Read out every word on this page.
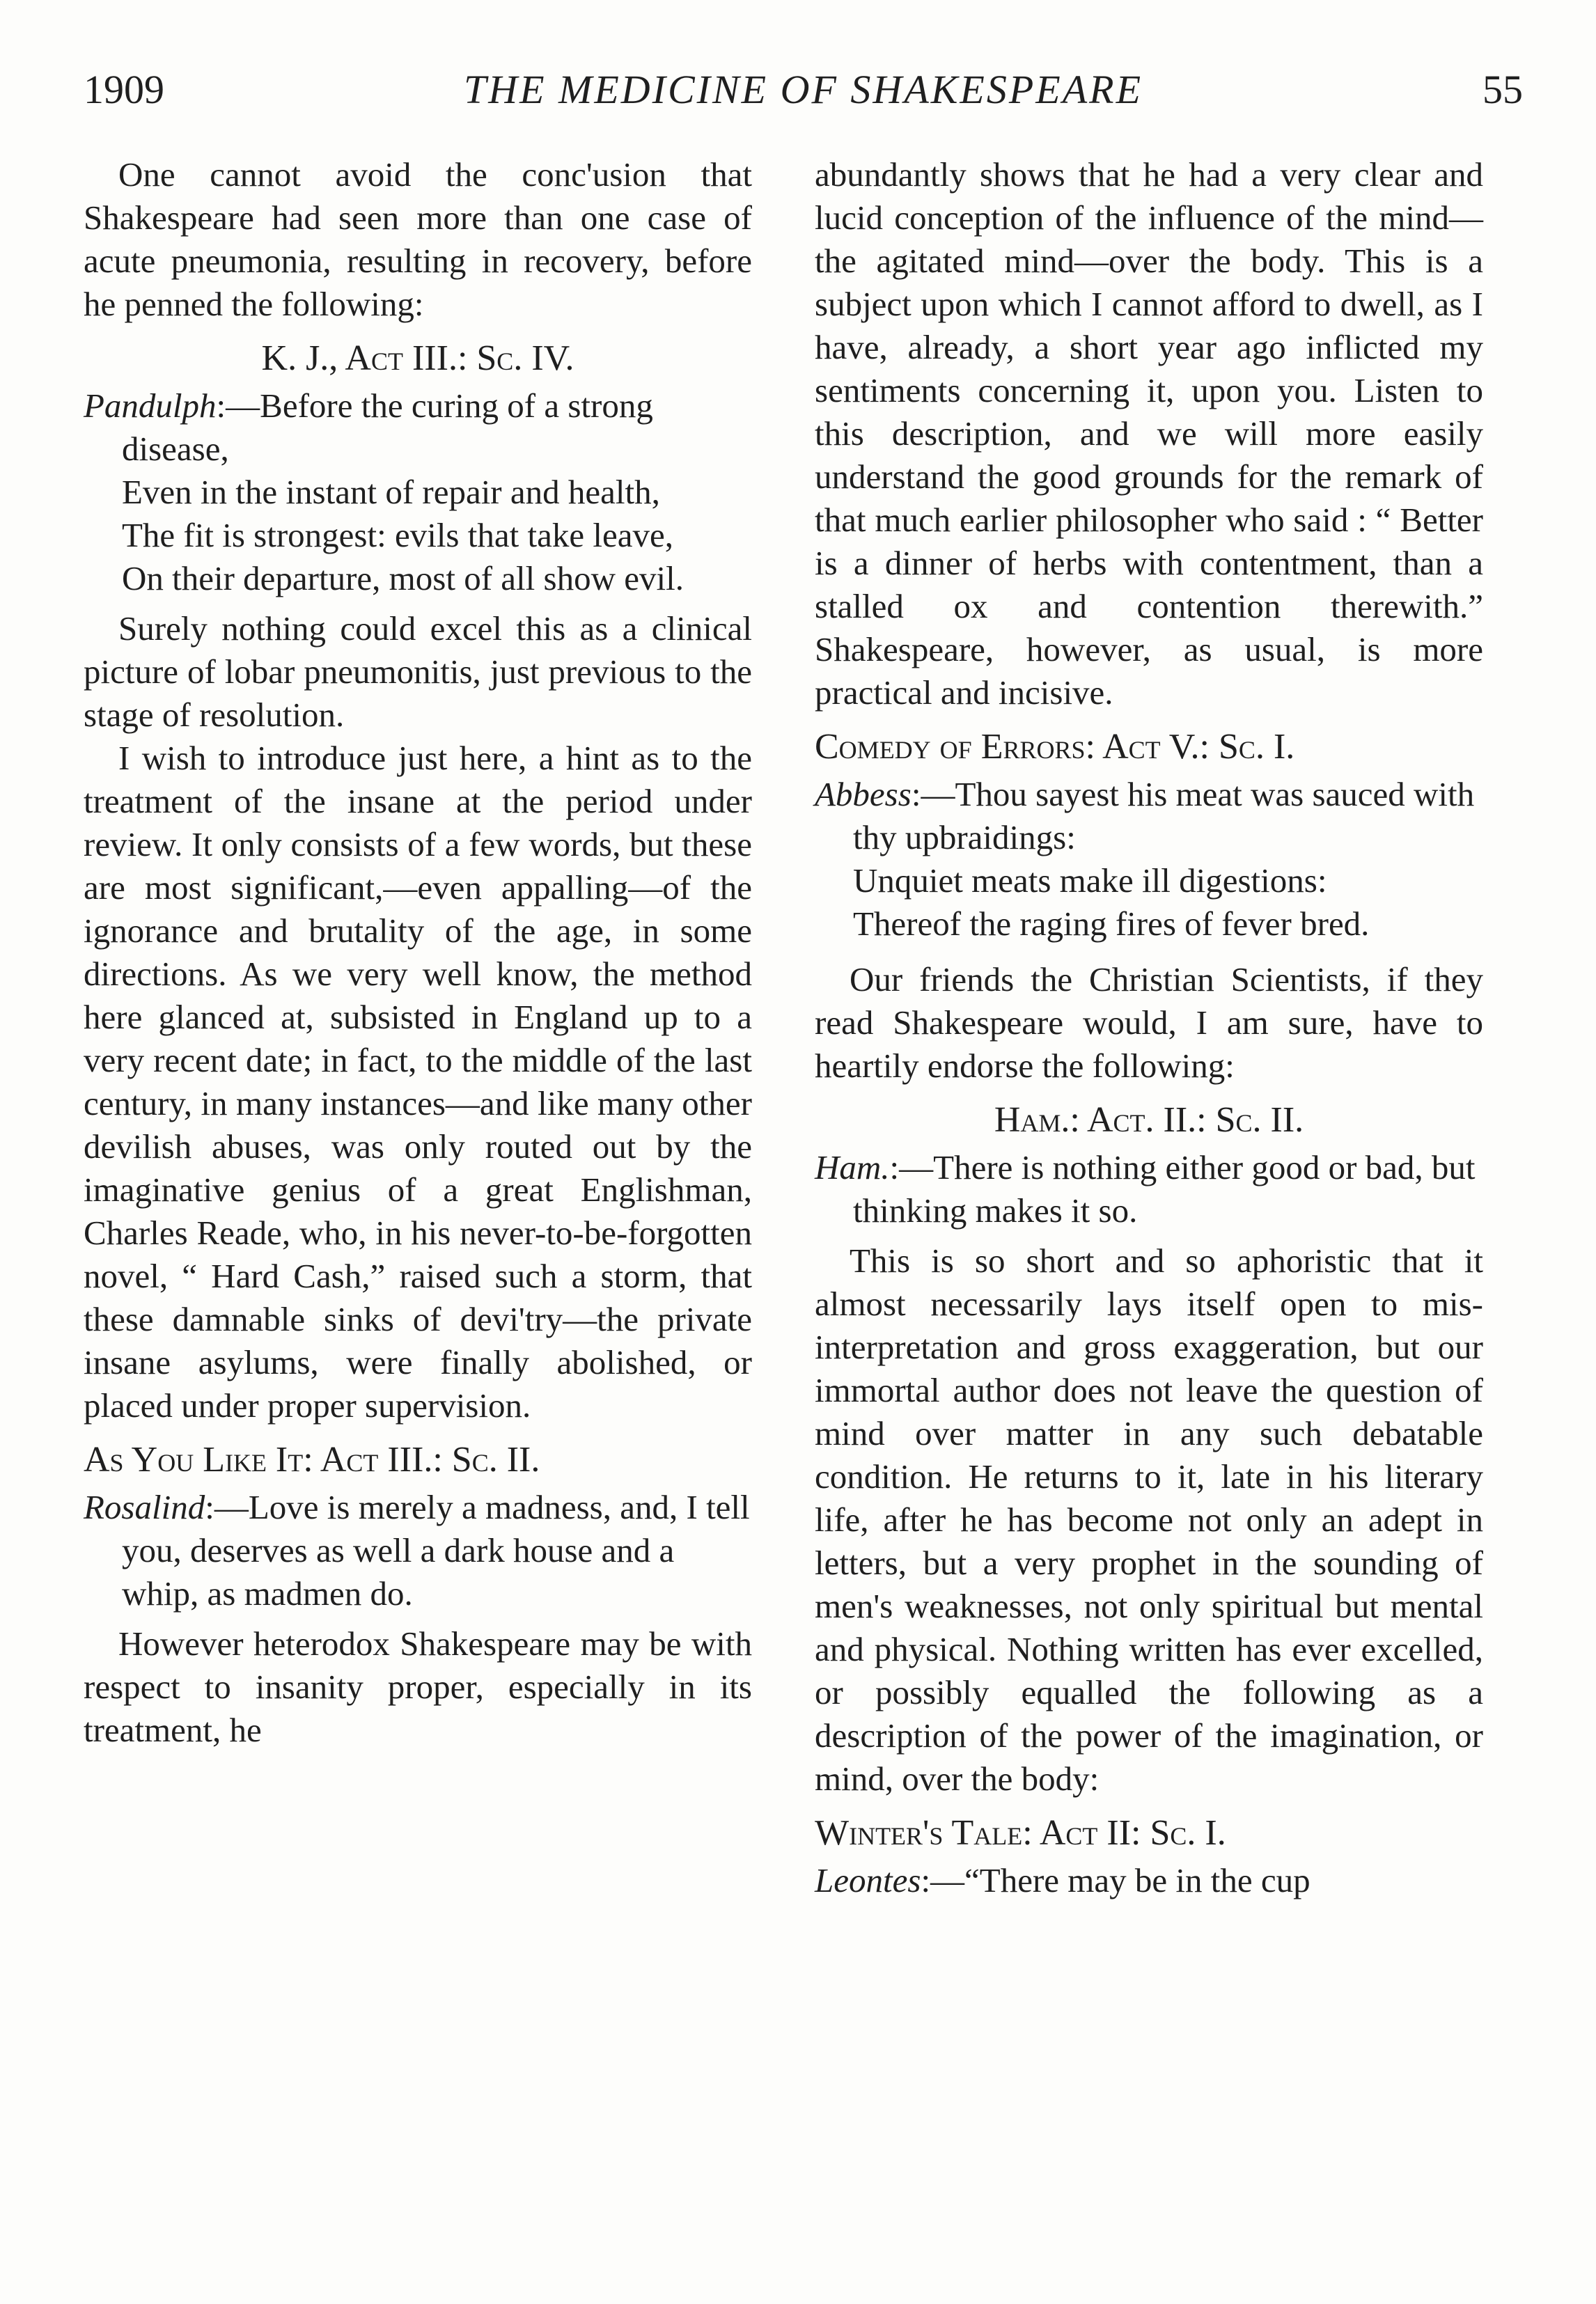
1909	THE MEDICINE OF SHAKESPEARE	55

One cannot avoid the conc'usion that Shakespeare had seen more than one case of acute pneumonia, resulting in recovery, before he penned the following:

K. J., Act III.: Sc. IV.
Pandulph:—Before the curing of a strong disease,
Even in the instant of repair and health,
The fit is strongest: evils that take leave,
On their departure, most of all show evil.

Surely nothing could excel this as a clinical picture of lobar pneumonitis, just previous to the stage of resolution.

I wish to introduce just here, a hint as to the treatment of the insane at the period under review. It only consists of a few words, but these are most significant,—even appalling—of the ignorance and brutality of the age, in some directions. As we very well know, the method here glanced at, subsisted in England up to a very recent date; in fact, to the middle of the last century, in many instances—and like many other devilish abuses, was only routed out by the imaginative genius of a great Englishman, Charles Reade, who, in his never-to-be-forgotten novel, “ Hard Cash,” raised such a storm, that these damnable sinks of devi'try—the private insane asylums, were finally abolished, or placed under proper supervision.

As You Like It: Act III.: Sc. II.
Rosalind:—Love is merely a madness, and, I tell you, deserves as well a dark house and a whip, as madmen do.

However heterodox Shakespeare may be with respect to insanity proper, especially in its treatment, he

abundantly shows that he had a very clear and lucid conception of the influence of the mind—the agitated mind—over the body. This is a subject upon which I cannot afford to dwell, as I have, already, a short year ago inflicted my sentiments concerning it, upon you. Listen to this description, and we will more easily understand the good grounds for the remark of that much earlier philosopher who said : “ Better is a dinner of herbs with contentment, than a stalled ox and contention therewith.” Shakespeare, however, as usual, is more practical and incisive.

Comedy of Errors: Act V.: Sc. I.
Abbess:—Thou sayest his meat was sauced with thy upbraidings:
Unquiet meats make ill digestions:
Thereof the raging fires of fever bred.

Our friends the Christian Scientists, if they read Shakespeare would, I am sure, have to heartily endorse the following:

Ham.: Act. II.: Sc. II.
Ham.:—There is nothing either good or bad, but thinking makes it so.

This is so short and so aphoristic that it almost necessarily lays itself open to mis-interpretation and gross exaggeration, but our immortal author does not leave the question of mind over matter in any such debatable condition. He returns to it, late in his literary life, after he has become not only an adept in letters, but a very prophet in the sounding of men's weaknesses, not only spiritual but mental and physical. Nothing written has ever excelled, or possibly equalled the following as a description of the power of the imagination, or mind, over the body:

Winter's Tale: Act II: Sc. I.
Leontes:—“There may be in the cup
